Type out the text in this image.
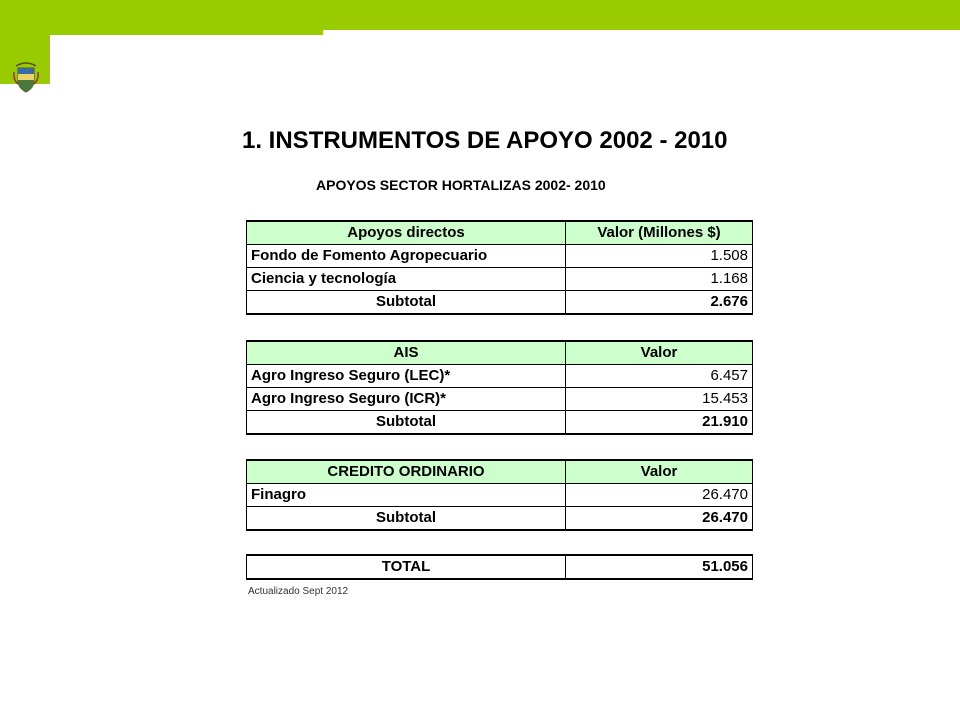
Libertad y Orden
1. INSTRUMENTOS DE APOYO 2002 - 2010
APOYOS SECTOR HORTALIZAS 2002- 2010
Apoyos directos	Valor (Millones $)
Fondo de Fomento Agropecuario	1.508
Ciencia y tecnología	1.168
Subtotal	2.676
AIS	Valor
Agro Ingreso Seguro (LEC)*	6.457
Agro Ingreso Seguro (ICR)*	15.453
Subtotal	21.910
CREDITO ORDINARIO	Valor
Finagro	26.470
Subtotal	26.470
TOTAL	51.056
Actualizado Sept 2012
